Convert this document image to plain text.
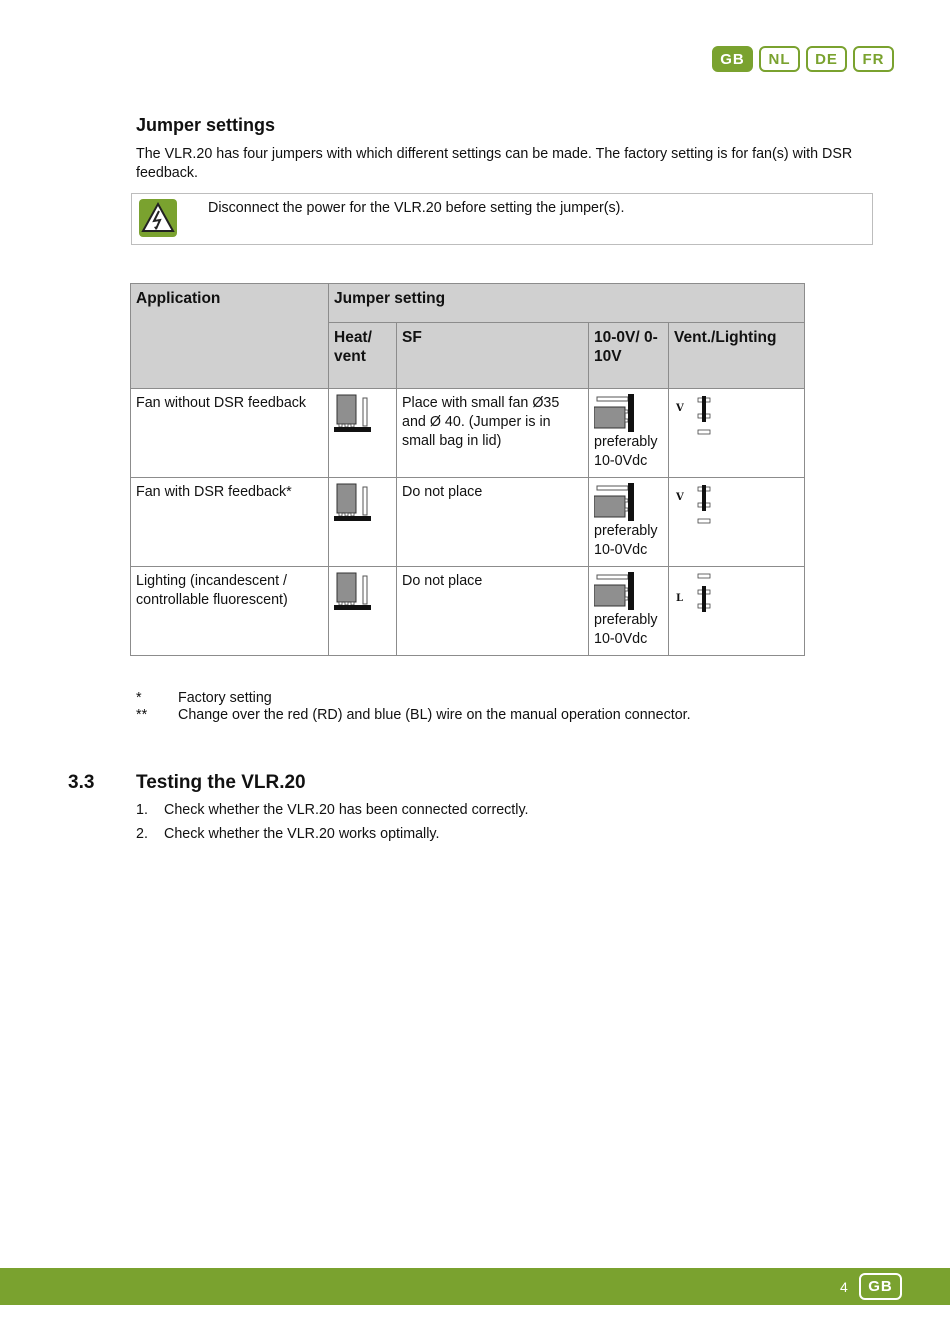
GB	NL	DE	FR
Jumper settings
The VLR.20 has four jumpers with which different settings can be made. The factory setting is for fan(s) with DSR feedback.
Disconnect the power for the VLR.20 before setting the jumper(s).
Application	Jumper setting			
	Heat/ vent	SF	10-0V/ 0-10V	Vent./Lighting
Fan without DSR feedback		Place with small fan Ø35 and Ø 40. (Jumper is in small bag in lid)	preferably 10-0Vdc	V

Fan with DSR feedback*		Do not place	preferably 10-0Vdc	V

Lighting (incandescent / controllable fluorescent)		Do not place	preferably 10-0Vdc	L
*	Factory setting
**	Change over the red (RD) and blue (BL) wire on the manual operation connector.
3.3 Testing the VLR.20
1.	Check whether the VLR.20 has been connected correctly.
2.	Check whether the VLR.20 works optimally.
4	GB
